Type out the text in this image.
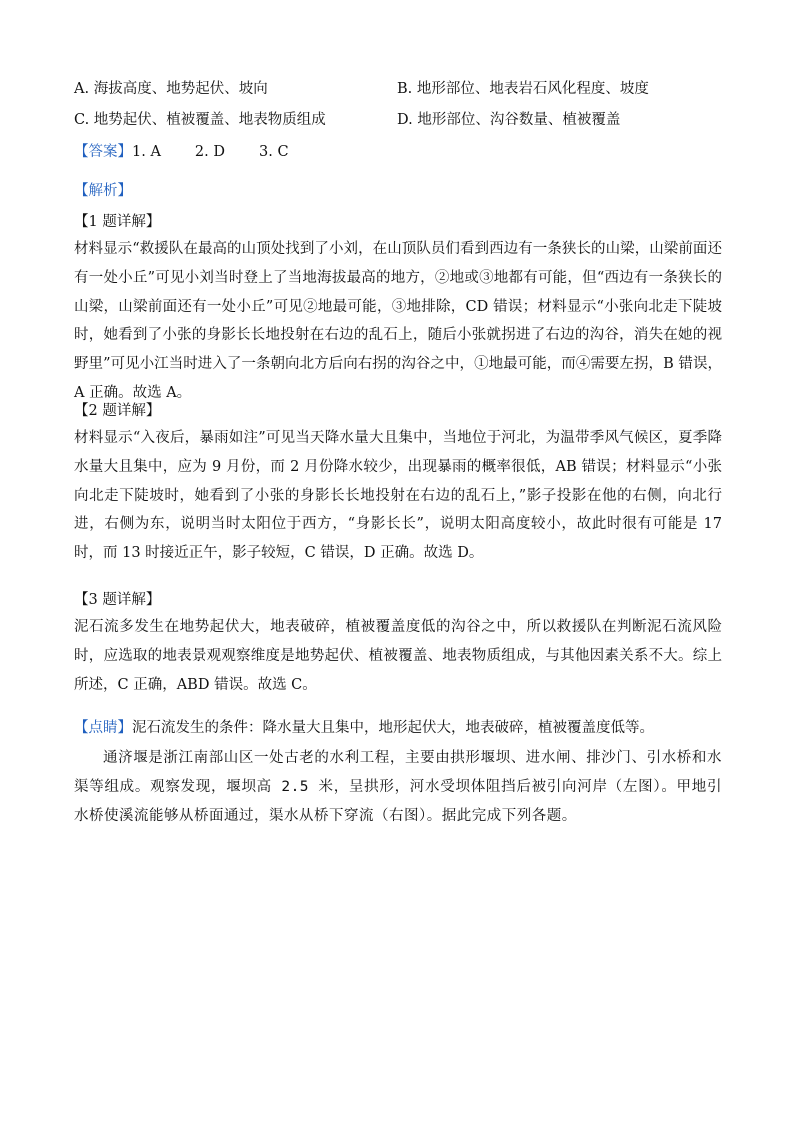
A. 海拔高度、地势起伏、坡向	B. 地形部位、地表岩石风化程度、坡度
C. 地势起伏、植被覆盖、地表物质组成	D. 地形部位、沟谷数量、植被覆盖
【答案】1. A 2. D 3. C
【解析】
【1 题详解】
材料显示“救援队在最高的山顶处找到了小刘，在山顶队员们看到西边有一条狭长的山梁，山梁前面还有一处小丘”可见小刘当时登上了当地海拔最高的地方，②地或③地都有可能，但“西边有一条狭长的山梁，山梁前面还有一处小丘”可见②地最可能，③地排除，CD 错误；材料显示“小张向北走下陡坡时，她看到了小张的身影长长地投射在右边的乱石上，随后小张就拐进了右边的沟谷，消失在她的视野里”可见小江当时进入了一条朝向北方后向右拐的沟谷之中，①地最可能，而④需要左拐，B 错误，A 正确。故选 A。
【2 题详解】
材料显示“入夜后，暴雨如注”可见当天降水量大且集中，当地位于河北，为温带季风气候区，夏季降水量大且集中，应为 9 月份，而 2 月份降水较少，出现暴雨的概率很低，AB 错误；材料显示“小张向北走下陡坡时，她看到了小张的身影长长地投射在右边的乱石上，”影子投影在他的右侧，向北行进，右侧为东，说明当时太阳位于西方，“身影长长”，说明太阳高度较小，故此时很有可能是 17 时，而 13 时接近正午，影子较短，C 错误，D 正确。故选 D。
【3 题详解】
泥石流多发生在地势起伏大，地表破碎，植被覆盖度低的沟谷之中，所以救援队在判断泥石流风险时，应选取的地表景观观察维度是地势起伏、植被覆盖、地表物质组成，与其他因素关系不大。综上所述，C 正确，ABD 错误。故选 C。
【点睛】泥石流发生的条件：降水量大且集中，地形起伏大，地表破碎，植被覆盖度低等。
通济堰是浙江南部山区一处古老的水利工程，主要由拱形堰坝、进水闸、排沙门、引水桥和水渠等组成。观察发现，堰坝高 2.5 米，呈拱形，河水受坝体阻挡后被引向河岸（左图）。甲地引水桥使溪流能够从桥面通过，渠水从桥下穿流（右图）。据此完成下列各题。
